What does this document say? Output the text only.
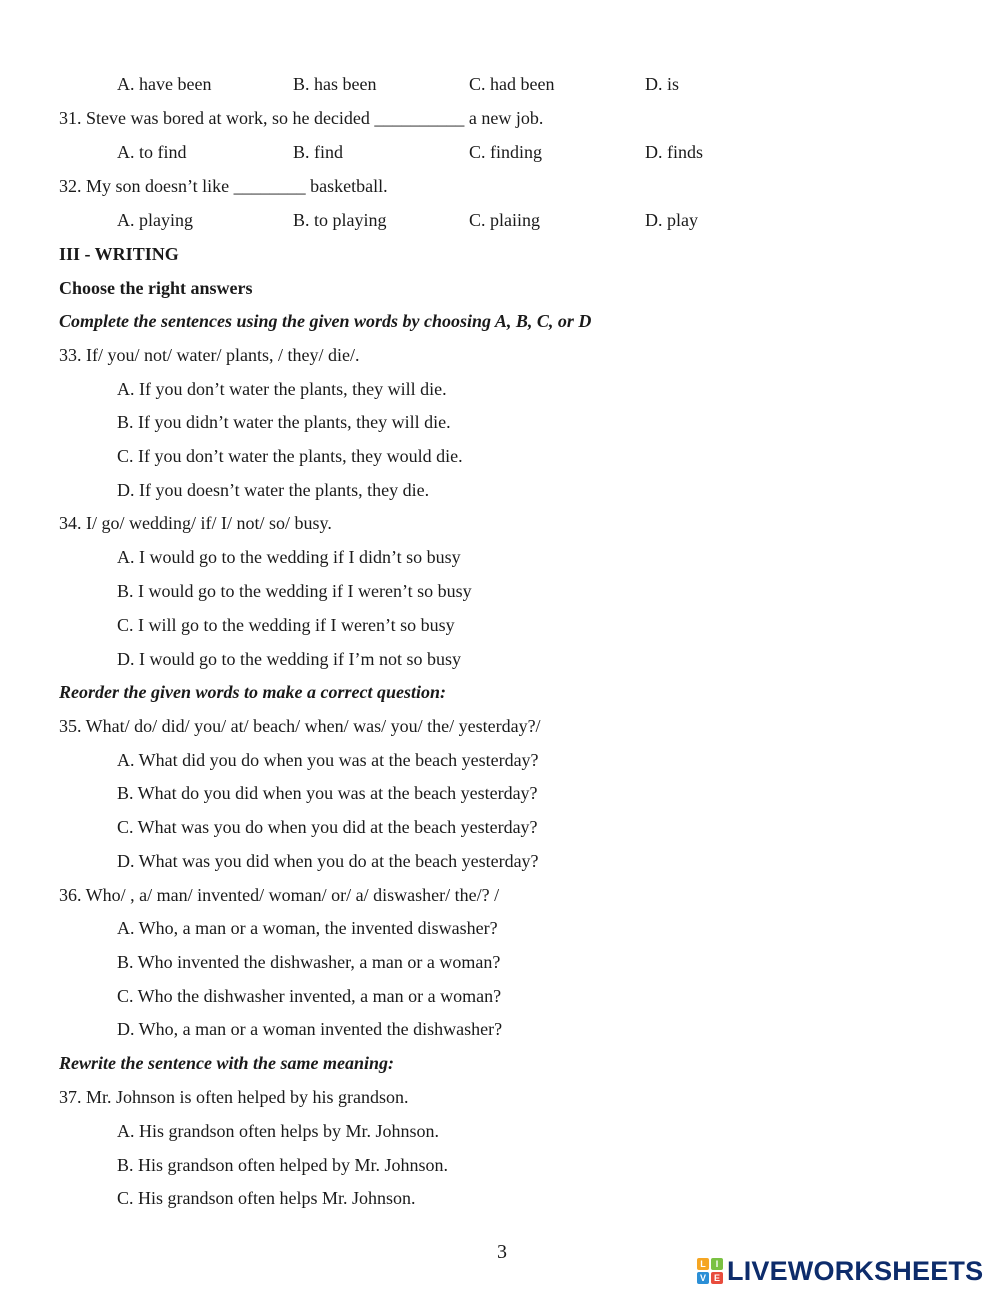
A. have been	B. has been	C. had been	D. is
31. Steve was bored at work, so he decided __________ a new job.
A. to find	B. find	C. finding	D. finds
32. My son doesn’t like ________ basketball.
A. playing	B. to playing	C. plaiing	D. play
III - WRITING
Choose the right answers
Complete the sentences using the given words by choosing A, B, C, or D
33. If/ you/ not/ water/ plants, / they/ die/.
A. If you don’t water the plants, they will die.
B. If you didn’t water the plants, they will die.
C. If you don’t water the plants, they would die.
D. If you doesn’t water the plants, they die.
34. I/ go/ wedding/ if/ I/ not/ so/ busy.
A. I would go to the wedding if I didn’t so busy
B. I would go to the wedding if I weren’t so busy
C. I will go to the wedding if I weren’t so busy
D. I would go to the wedding if I’m not so busy
Reorder the given words to make a correct question:
35. What/ do/ did/ you/ at/ beach/ when/ was/ you/ the/ yesterday?/
A. What did you do when you was at the beach yesterday?
B. What do you did when you was at the beach yesterday?
C. What was you do when you did at the beach yesterday?
D. What was you did when you do at the beach yesterday?
36. Who/ , a/ man/ invented/ woman/ or/ a/ diswasher/ the/? /
A. Who, a man or a woman, the invented diswasher?
B. Who invented the dishwasher, a man or a woman?
C. Who the dishwasher invented, a man or a woman?
D. Who, a man or a woman invented the dishwasher?
Rewrite the sentence with the same meaning:
37. Mr. Johnson is often helped by his grandson.
A. His grandson often helps by Mr. Johnson.
B. His grandson often helped by Mr. Johnson.
C. His grandson often helps Mr. Johnson.
3
L	I
V E LIVEWORKSHEETS
